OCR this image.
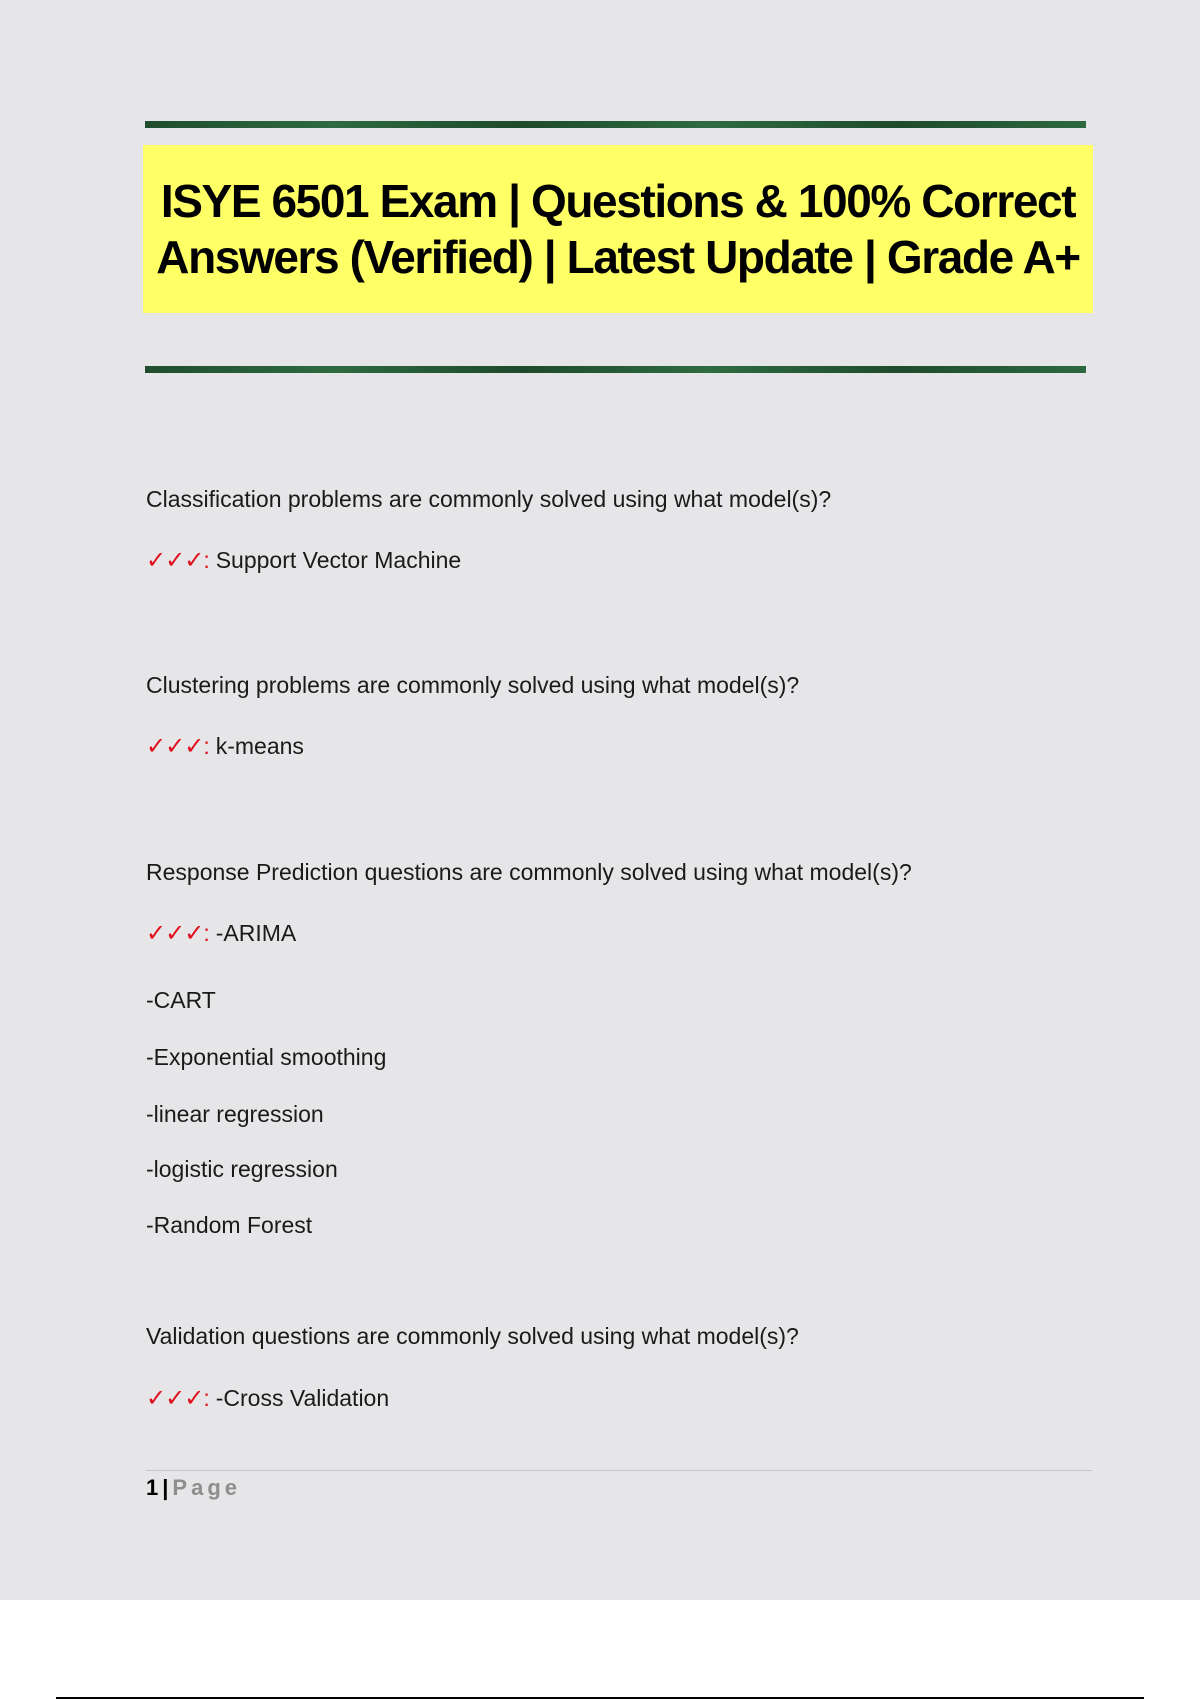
ISYE 6501 Exam | Questions & 100% Correct Answers (Verified) | Latest Update | Grade A+
Classification problems are commonly solved using what model(s)?
✓✓✓: Support Vector Machine
Clustering problems are commonly solved using what model(s)?
✓✓✓: k-means
Response Prediction questions are commonly solved using what model(s)?
✓✓✓: -ARIMA
-CART
-Exponential smoothing
-linear regression
-logistic regression
-Random Forest
Validation questions are commonly solved using what model(s)?
✓✓✓: -Cross Validation
1 | Page
